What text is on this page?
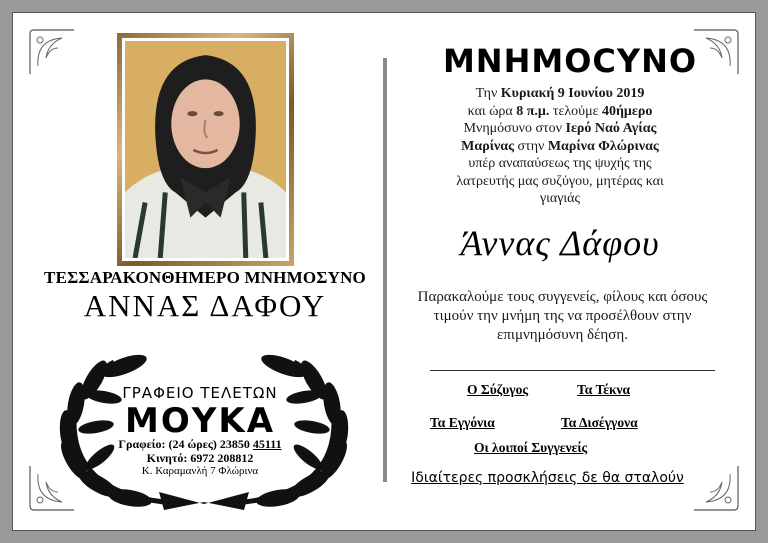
ΤΕΣΣΑΡΑΚΟΝΘΗΜΕΡΟ ΜΝΗΜΟΣΥΝΟ
ΑΝΝΑΣ ΔΑΦΟΥ
ΓΡΑΦΕΙΟ ΤΕΛΕΤΩΝ
ΜΟΥΚΑ
Γραφείο: (24 ώρες) 23850 45111
Κινητό: 6972 208812
Κ. Καραμανλή 7 Φλώρινα
ΜΝΗΜΟCYNO
Την Κυριακή 9 Ιουνίου 2019
και ώρα 8 π.μ. τελούμε 40ήμερο
Μνημόσυνο στον Ιερό Ναό Αγίας
Μαρίνας στην Μαρίνα Φλώρινας
υπέρ αναπαύσεως της ψυχής της
λατρευτής μας συζύγου, μητέρας και
γιαγιάς
Άννας Δάφου
Παρακαλούμε τους συγγενείς, φίλους και όσους τιμούν την μνήμη της να προσέλθουν στην επιμνημόσυνη δέηση.
Ο Σύζυγος	Τα Τέκνα
Τα Εγγόνια	Τα Δισέγγονα
Οι λοιποί Συγγενείς
Ιδιαίτερες προσκλήσεις δε θα σταλούν
